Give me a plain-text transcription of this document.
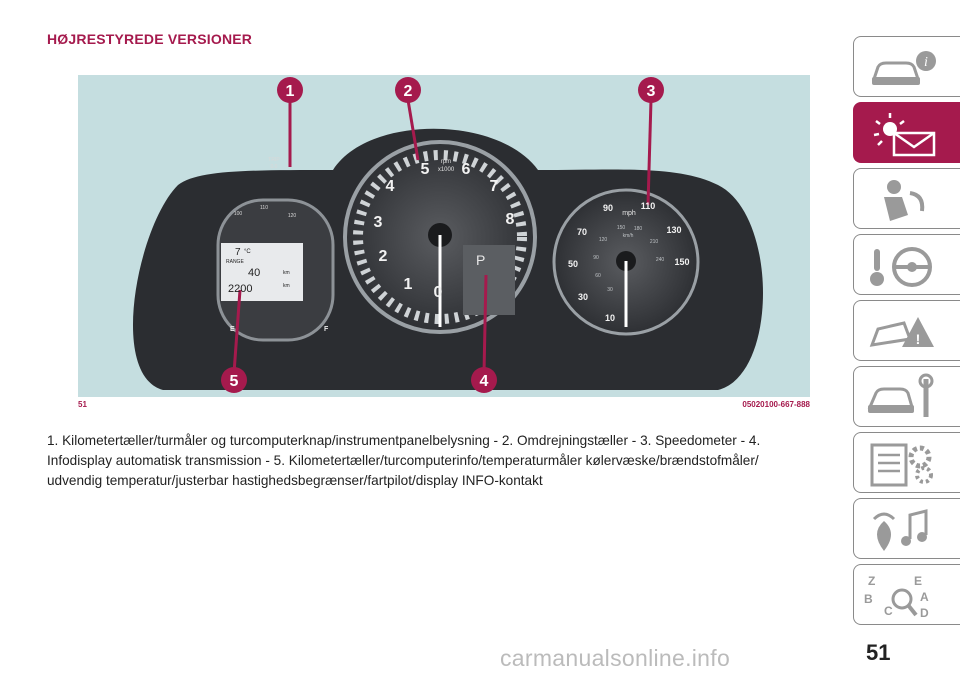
HØJRESTYREDE VERSIONER
1	2	3
4
5
0
1
2
3
4
5 6
7
8
rpm
x1000
P
10
30
50
70
90	110
130
150
30
60
90
120
150 180
210
240
km/h
mph
100
110
120
TRIP
0.0
7 °C
RANGE
40	km
2200	km
E	F
51	05020100-667-888

1. Kilometertæller/turmåler og turcomputerknap/instrumentpanelbelysning - 2. Omdrejningstæller - 3. Speedometer - 4. Infodisplay automatisk transmission - 5. Kilometertæller/turcomputerinfo/temperaturmåler kølervæske/brændstofmåler/ udvendig temperatur/justerbar hastighedsbegrænser/fartpilot/display INFO-kontakt

i
!
Z	E
B	A
C D
51
carmanualsonline.info
